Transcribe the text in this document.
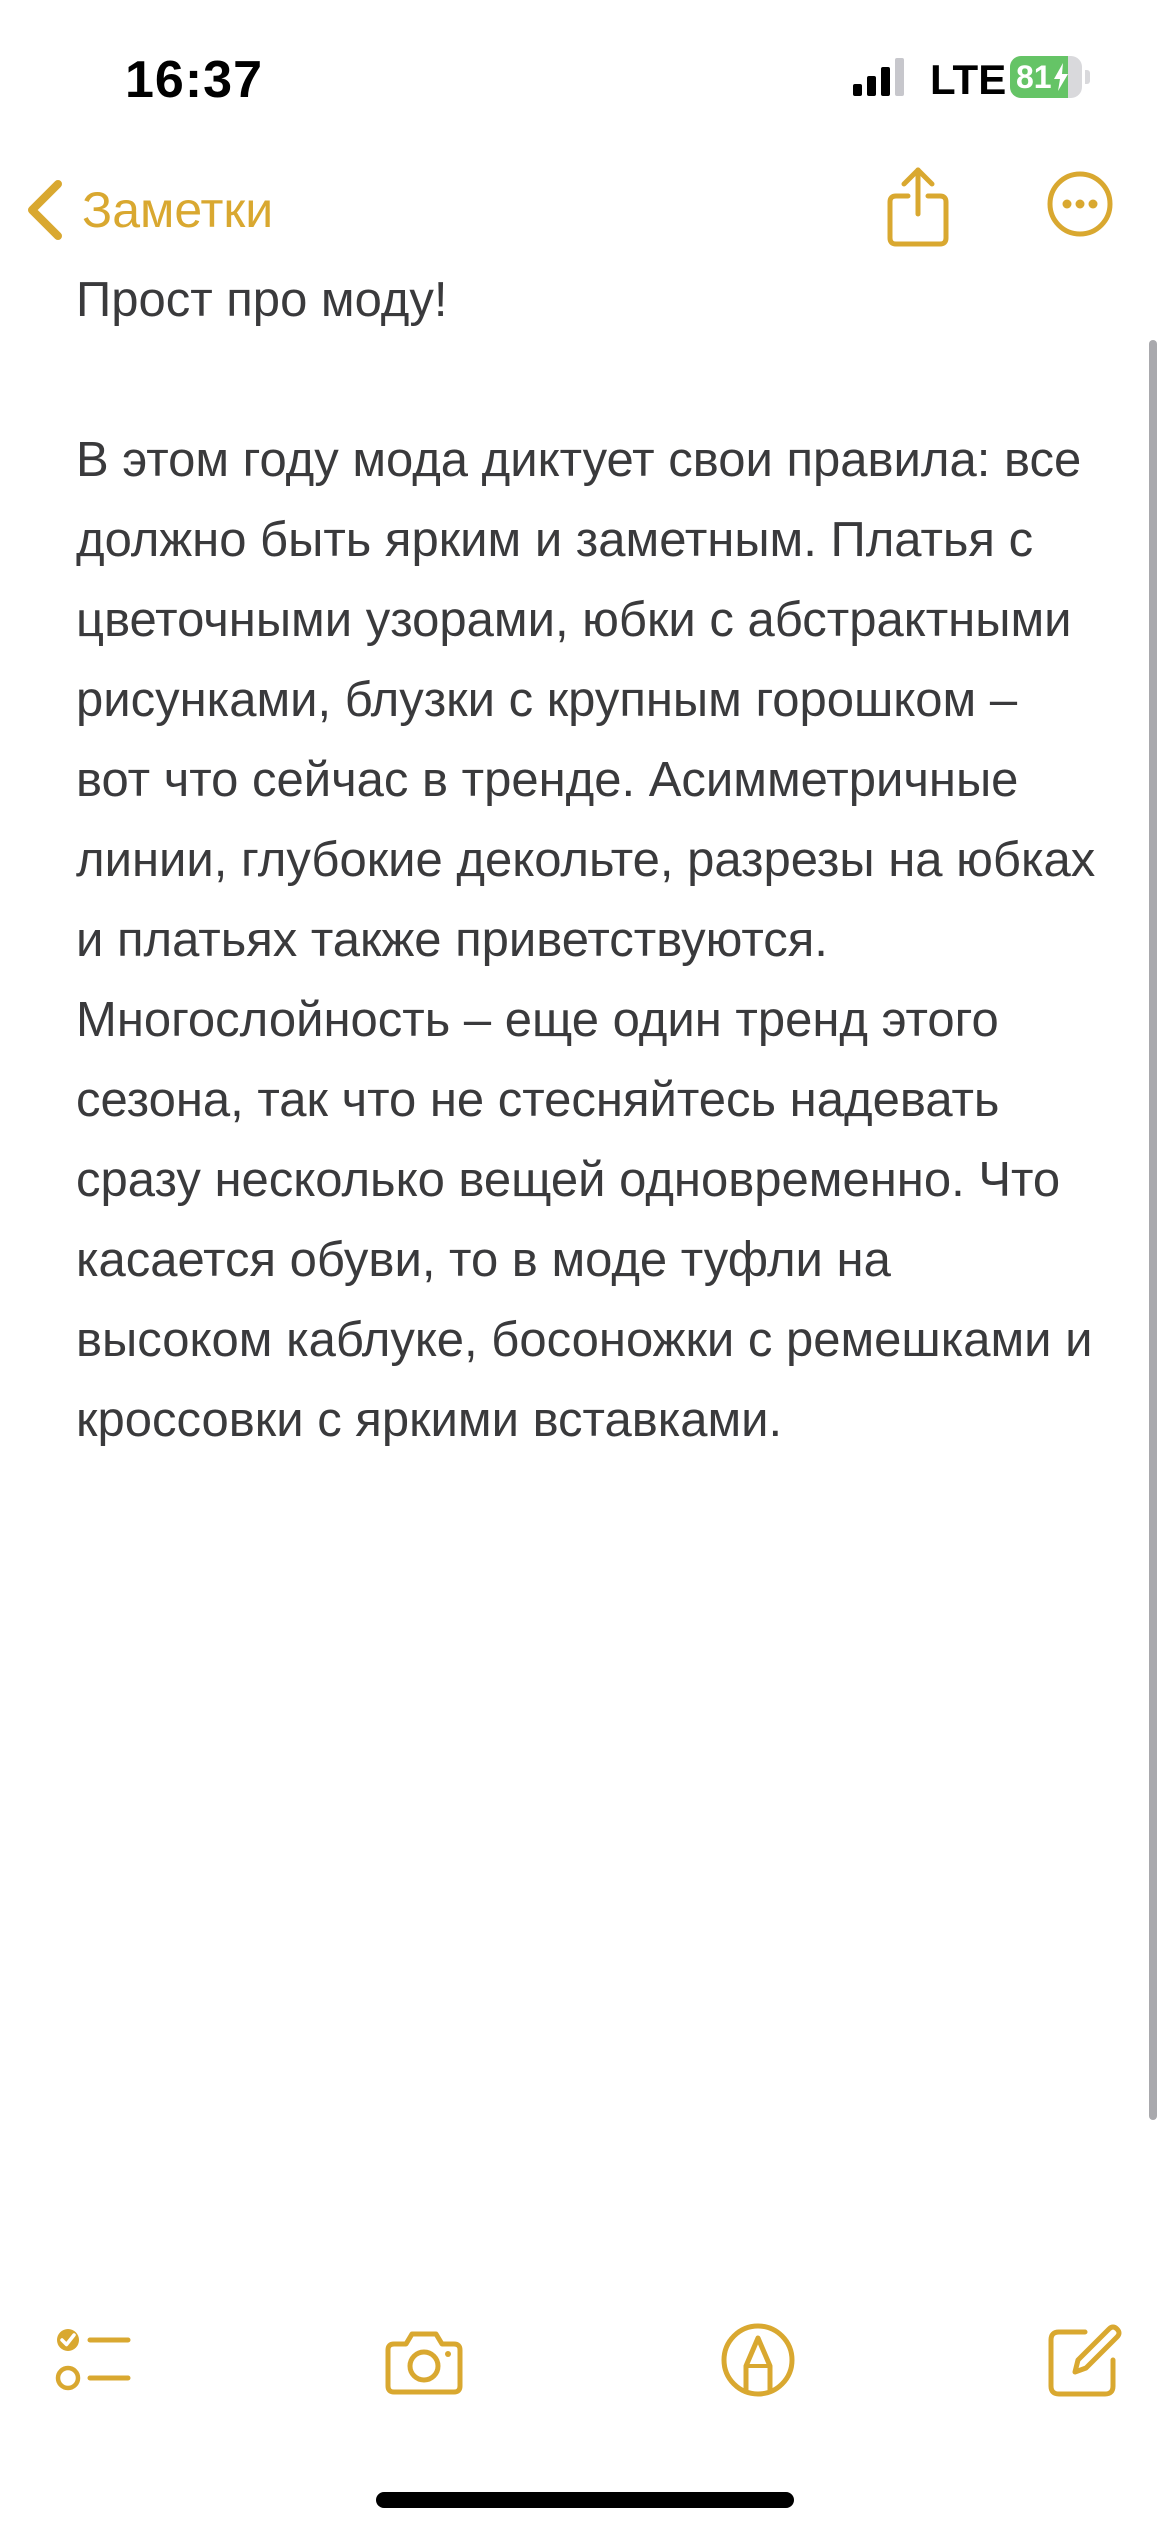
16:37	LTE 81
Заметки
Прост про моду!

В этом году мода диктует свои правила: все должно быть ярким и заметным. Платья с цветочными узорами, юбки с абстрактными рисунками, блузки с крупным горошком – вот что сейчас в тренде. Асимметричные линии, глубокие декольте, разрезы на юбках и платьях также приветствуются. Многослойность – еще один тренд этого сезона, так что не стесняйтесь надевать сразу несколько вещей одновременно. Что касается обуви, то в моде туфли на высоком каблуке, босоножки с ремешками и кроссовки с яркими вставками.
